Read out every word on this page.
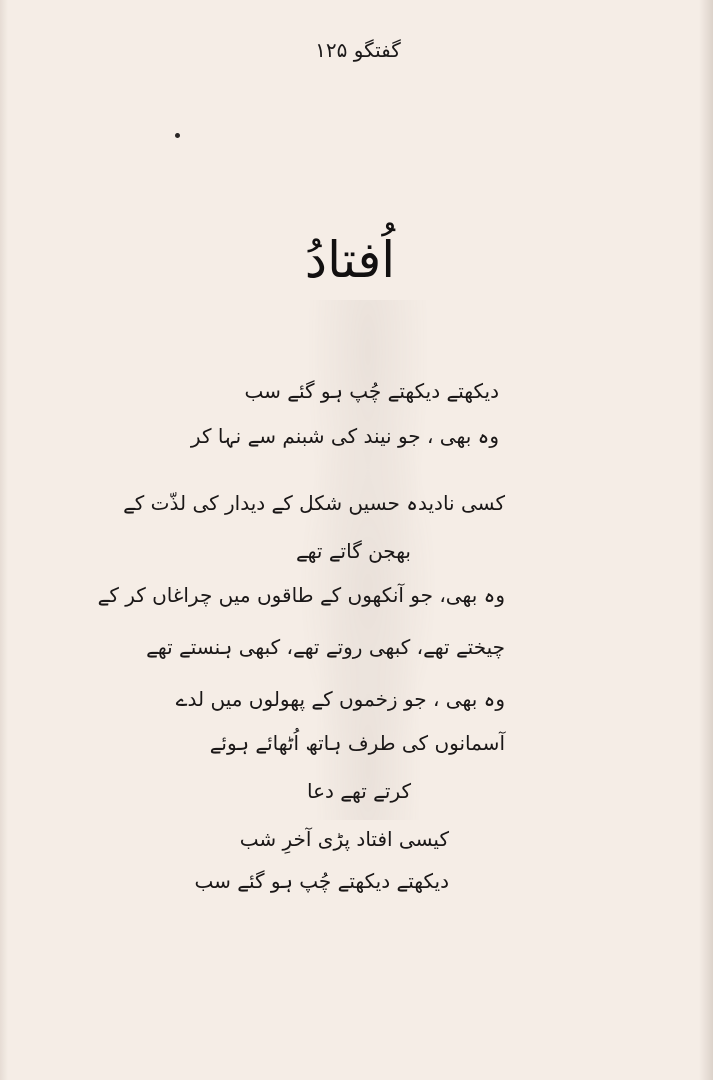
گفتگو ۱۲۵
اُفتادُ
دیکھتے دیکھتے چُپ ہو گئے سب
وہ بھی ، جو نیند کی شبنم سے نہا کر
کسی نادیدہ حسیں شکل کے دیدار کی لذّت کے
بھجن گاتے تھے
وہ بھی، جو آنکھوں کے طاقوں میں چراغاں کر کے
چیختے تھے، کبھی روتے تھے، کبھی ہنستے تھے
وہ بھی ، جو زخموں کے پھولوں میں لدے
آسمانوں کی طرف ہاتھ اُٹھائے ہوئے
کرتے تھے دعا
کیسی افتاد پڑی آخرِ شب
دیکھتے دیکھتے چُپ ہو گئے سب
